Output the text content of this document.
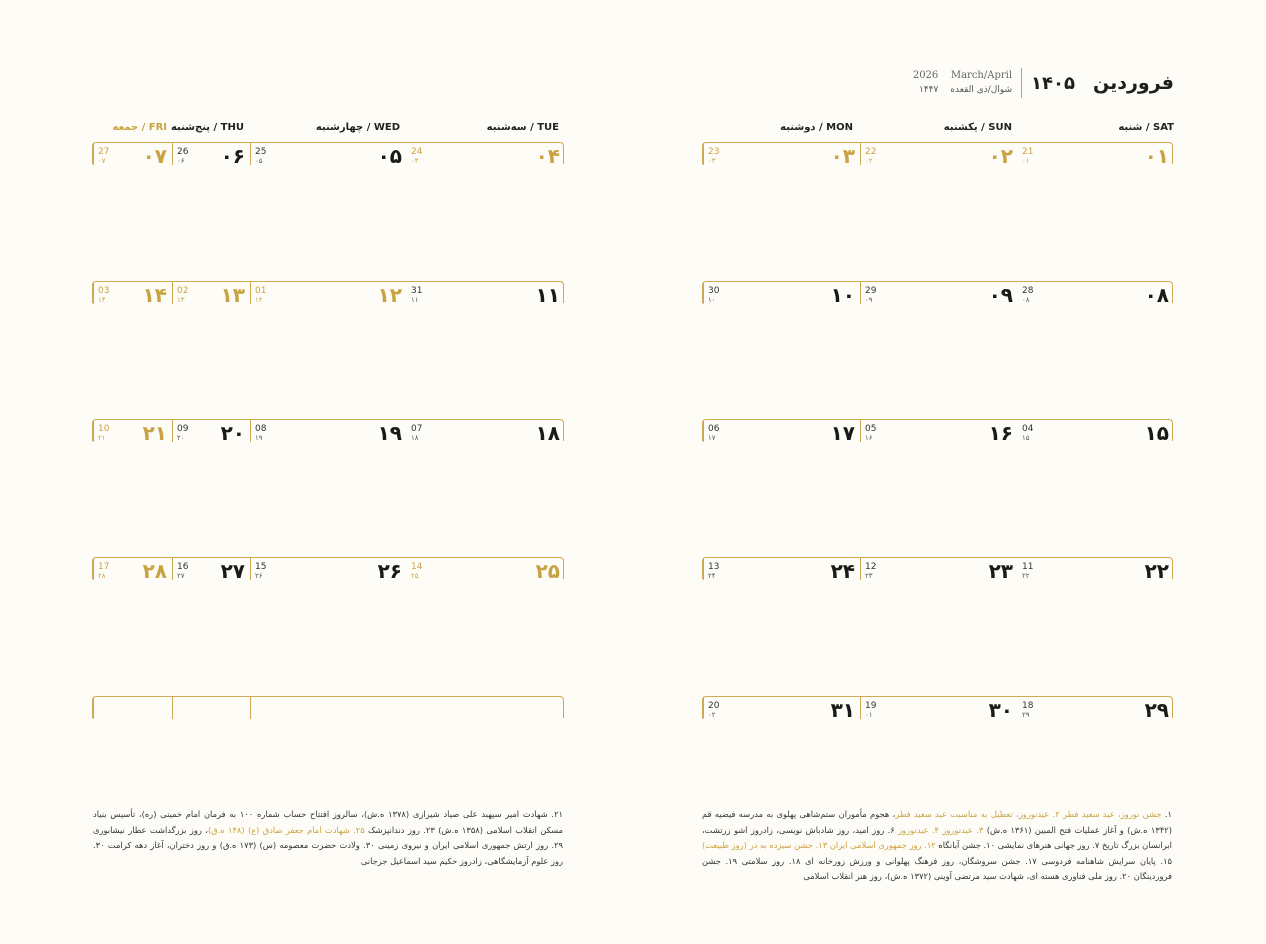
فروردین
۱۴۰۵
March/April
شوال/ذی القعده
2026
۱۴۴۷
شنبه / SAT
یکشنبه / SUN
دوشنبه / MON
سه‌شنبه / TUE
چهارشنبه / WED
پنج‌شنبه / THU
جمعه / FRI
۰۱
21
۰۱
۰۲
22
۰۲
۰۳
23
۰۳
۰۸
28
۰۸
۰۹
29
۰۹
۱۰
30
۱۰
۱۵
04
۱۵
۱۶
05
۱۶
۱۷
06
۱۷
۲۲
11
۲۲
۲۳
12
۲۳
۲۴
13
۲۴
۲۹
18
۲۹
۳۰
19
۰۱
۳۱
20
۰۲
۰۴
24
۰۴
۰۵
25
۰۵
۰۶
26
۰۶
۰۷
27
۰۷
۱۱
31
۱۱
۱۲
01
۱۲
۱۳
02
۱۳
۱۴
03
۱۴
۱۸
07
۱۸
۱۹
08
۱۹
۲۰
09
۲۰
۲۱
10
۲۱
۲۵
14
۲۵
۲۶
15
۲۶
۲۷
16
۲۷
۲۸
17
۲۸
۱. جشن نوروز، عید سعید فطر ۲. عیدنوروز، تعطیل به مناسبت عید سعید فطر، هجوم مأموران ستم‌شاهی پهلوی به مدرسه فیضیه قم (۱۳۴۲ ه.ش) و آغاز عملیات فتح المبین (۱۳۶۱ ه.ش) ۳. عیدنوروز ۴. عیدنوروز ۶. روز امید، روز شادباش نویسی، زادروز اشو زرتشت، ابرانسان بزرگ تاریخ ۷. روز جهانی هنرهای نمایشی ۱۰. جشن آبانگاه ۱۲. روز جمهوری اسلامی ایران ۱۳. جشن سیزده به در (روز طبیعت) ۱۵. پایان سرایش شاهنامه فردوسی ۱۷. جشن سروشگان، روز فرهنگ پهلوانی و ورزش زورخانه ای ۱۸. روز سلامتی ۱۹. جشن فروردینگان ۲۰. روز ملی فناوری هسته ای، شهادت سید مرتضی آوینی (۱۳۷۲ ه.ش)، روز هنر انقلاب اسلامی
۲۱. شهادت امیر سپهبد علی صیاد شیرازی (۱۳۷۸ ه.ش)، سالروز افتتاح حساب شماره ۱۰۰ به فرمان امام خمینی (ره)، تأسیس بنیاد مسکن انقلاب اسلامی (۱۳۵۸ ه.ش) ۲۳. روز دندانپزشک ۲۵. شهادت امام جعفر صادق (ع) (۱۴۸ ه.ق)، روز بزرگداشت عطار نیشابوری ۲۹. روز ارتش جمهوری اسلامی ایران و نیروی زمینی ۳۰. ولادت حضرت معصومه (س) (۱۷۳ ه.ق) و روز دختران، آغاز دهه کرامت ۳۰. روز علوم آزمایشگاهی، زادروز حکیم سید اسماعیل جرجانی
